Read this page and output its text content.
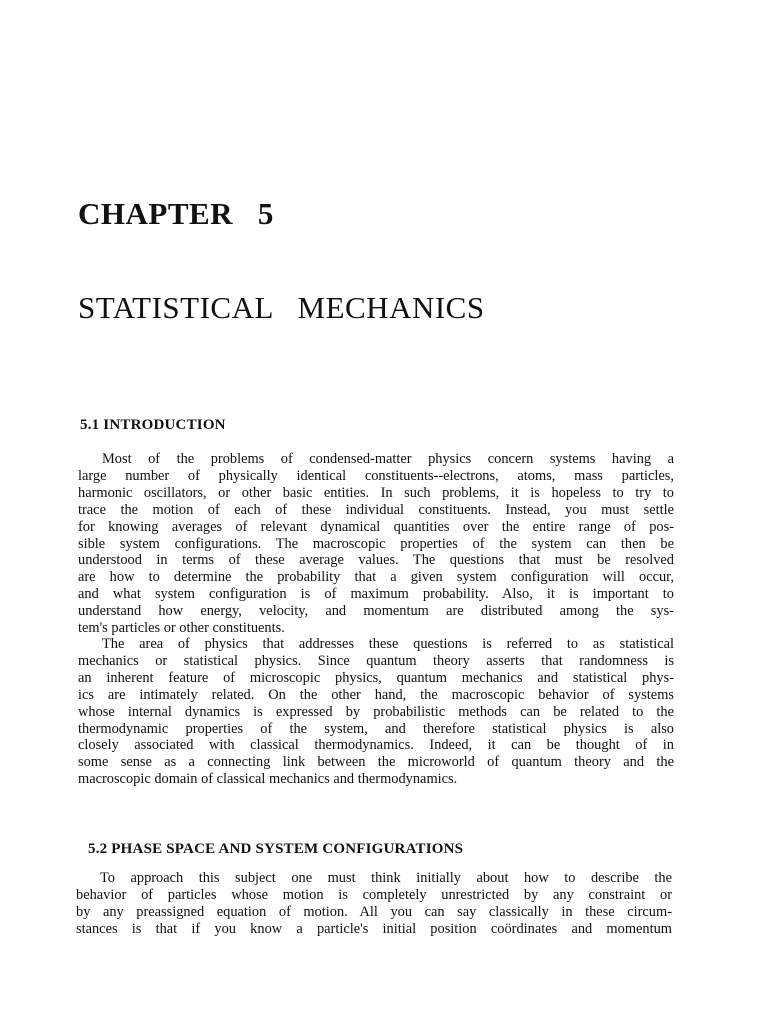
CHAPTER   5
STATISTICAL   MECHANICS
5.1 INTRODUCTION
Most of the problems of condensed-matter physics concern systems having a
large number of physically identical constituents--electrons, atoms, mass particles,
harmonic oscillators, or other basic entities. In such problems, it is hopeless to try to
trace the motion of each of these individual constituents. Instead, you must settle
for knowing averages of relevant dynamical quantities over the entire range of pos-
sible system configurations. The macroscopic properties of the system can then be
understood in terms of these average values. The questions that must be resolved
are how to determine the probability that a given system configuration will occur,
and what system configuration is of maximum probability. Also, it is important to
understand how energy, velocity, and momentum are distributed among the sys-
tem's particles or other constituents.
The area of physics that addresses these questions is referred to as statistical
mechanics or statistical physics. Since quantum theory asserts that randomness is
an inherent feature of microscopic physics, quantum mechanics and statistical phys-
ics are intimately related. On the other hand, the macroscopic behavior of systems
whose internal dynamics is expressed by probabilistic methods can be related to the
thermodynamic properties of the system, and therefore statistical physics is also
closely associated with classical thermodynamics. Indeed, it can be thought of in
some sense as a connecting link between the microworld of quantum theory and the
macroscopic domain of classical mechanics and thermodynamics.
5.2 PHASE SPACE AND SYSTEM CONFIGURATIONS
To approach this subject one must think initially about how to describe the
behavior of particles whose motion is completely unrestricted by any constraint or
by any preassigned equation of motion. All you can say classically in these circum-
stances is that if you know a particle's initial position coördinates and momentum
